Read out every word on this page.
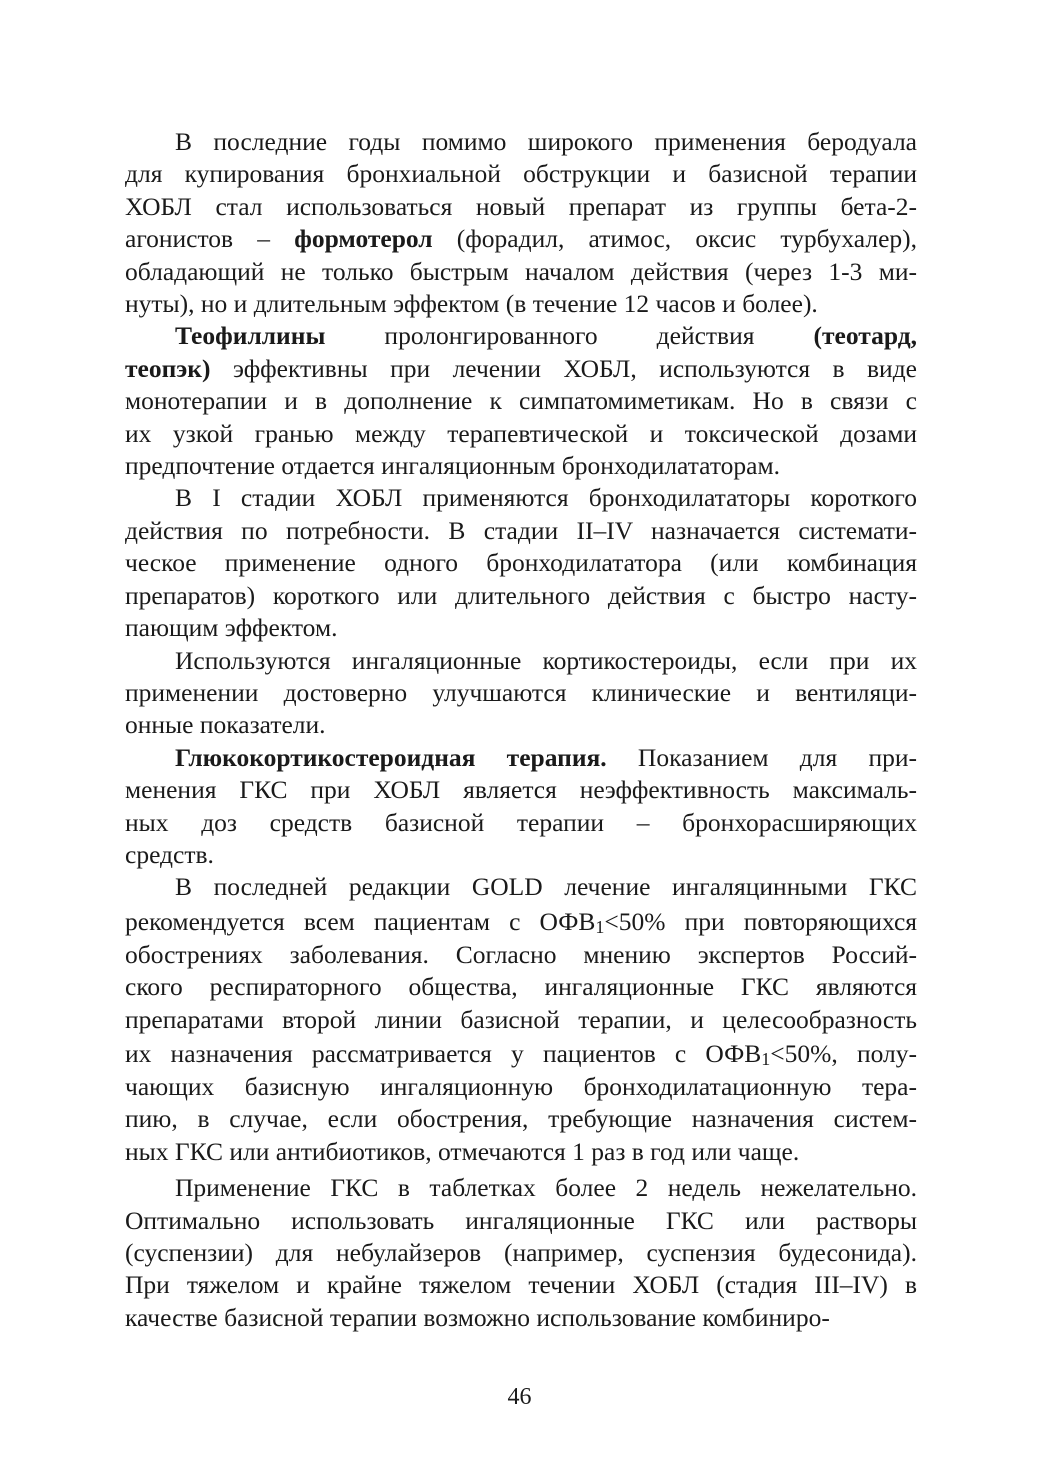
В последние годы помимо широкого применения беродуала
для купирования бронхиальной обструкции и базисной терапии
ХОБЛ стал использоваться новый препарат из группы бета-2-
агонистов – формотерол (форадил, атимос, оксис турбухалер),
обладающий не только быстрым началом действия (через 1-3 ми-
нуты), но и длительным эффектом (в течение 12 часов и более).

Теофиллины пролонгированного действия (теотард,
теопэк) эффективны при лечении ХОБЛ, используются в виде
монотерапии и в дополнение к симпатомиметикам. Но в связи с
их узкой гранью между терапевтической и токсической дозами
предпочтение отдается ингаляционным бронходилататорам.

В I стадии ХОБЛ применяются бронходилататоры короткого
действия по потребности. В стадии II–IV назначается системати-
ческое применение одного бронходилататора (или комбинация
препаратов) короткого или длительного действия с быстро насту-
пающим эффектом.

Используются ингаляционные кортикостероиды, если при их
применении достоверно улучшаются клинические и вентиляци-
онные показатели.

Глюкокортикостероидная терапия. Показанием для при-
менения ГКС при ХОБЛ является неэффективность максималь-
ных доз средств базисной терапии – бронхорасширяющих
средств.

В последней редакции GOLD лечение ингаляцинными ГКС
рекомендуется всем пациентам с ОФВ1<50% при повторяющихся
обострениях заболевания. Согласно мнению экспертов Россий-
ского респираторного общества, ингаляционные ГКС являются
препаратами второй линии базисной терапии, и целесообразность
их назначения рассматривается у пациентов с ОФВ1<50%, полу-
чающих базисную ингаляционную бронходилатационную тера-
пию, в случае, если обострения, требующие назначения систем-
ных ГКС или антибиотиков, отмечаются 1 раз в год или чаще.

Применение ГКС в таблетках более 2 недель нежелательно.
Оптимально использовать ингаляционные ГКС или растворы
(суспензии) для небулайзеров (например, суспензия будесонида).
При тяжелом и крайне тяжелом течении ХОБЛ (стадия III–IV) в
качестве базисной терапии возможно использование комбиниро-

46
